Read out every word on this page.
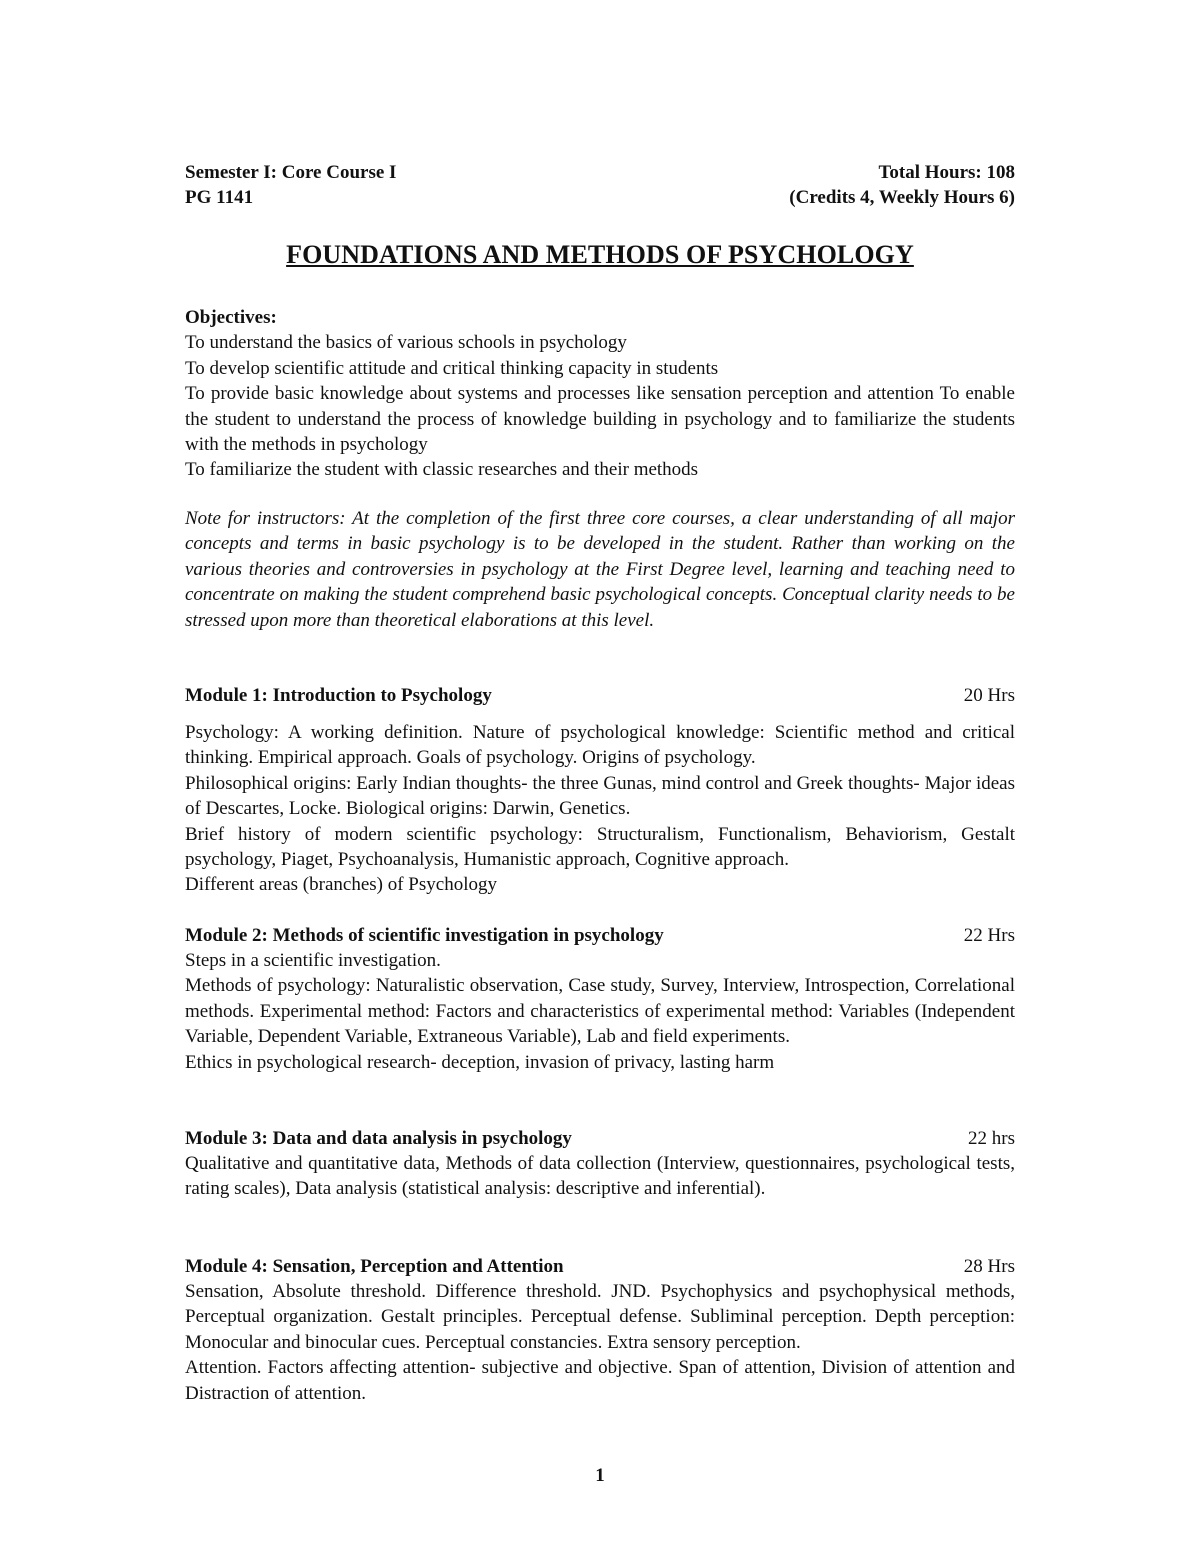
Semester I: Core Course I	Total Hours: 108
PG 1141	(Credits 4, Weekly Hours 6)
FOUNDATIONS AND METHODS OF PSYCHOLOGY

Objectives:

To understand the basics of various schools in psychology

To develop scientific attitude and critical thinking capacity in students

To provide basic knowledge about systems and processes like sensation perception and attention To enable the student to understand the process of knowledge building in psychology and to familiarize the students with the methods in psychology

To familiarize the student with classic researches and their methods

Note for instructors: At the completion of the first three core courses, a clear understanding of all major concepts and terms in basic psychology is to be developed in the student. Rather than working on the various theories and controversies in psychology at the First Degree level, learning and teaching need to concentrate on making the student comprehend basic psychological concepts. Conceptual clarity needs to be stressed upon more than theoretical elaborations at this level.
Module 1: Introduction to Psychology	20 Hrs

Psychology: A working definition. Nature of psychological knowledge: Scientific method and critical thinking. Empirical approach. Goals of psychology. Origins of psychology.

Philosophical origins: Early Indian thoughts- the three Gunas, mind control and Greek thoughts- Major ideas of Descartes, Locke. Biological origins: Darwin, Genetics.

Brief history of modern scientific psychology: Structuralism, Functionalism, Behaviorism, Gestalt psychology, Piaget, Psychoanalysis, Humanistic approach, Cognitive approach.

Different areas (branches) of Psychology

Module 2: Methods of scientific investigation in psychology	22 Hrs

Steps in a scientific investigation.

Methods of psychology: Naturalistic observation, Case study, Survey, Interview, Introspection, Correlational methods. Experimental method: Factors and characteristics of experimental method: Variables (Independent Variable, Dependent Variable, Extraneous Variable), Lab and field experiments.

Ethics in psychological research- deception, invasion of privacy, lasting harm

Module 3: Data and data analysis in psychology	22 hrs

Qualitative and quantitative data, Methods of data collection (Interview, questionnaires, psychological tests, rating scales), Data analysis (statistical analysis: descriptive and inferential).

Module 4: Sensation, Perception and Attention	28 Hrs

Sensation, Absolute threshold. Difference threshold. JND. Psychophysics and psychophysical methods, Perceptual organization. Gestalt principles. Perceptual defense. Subliminal perception. Depth perception: Monocular and binocular cues. Perceptual constancies. Extra sensory perception.

Attention. Factors affecting attention- subjective and objective. Span of attention, Division of attention and Distraction of attention.

1
